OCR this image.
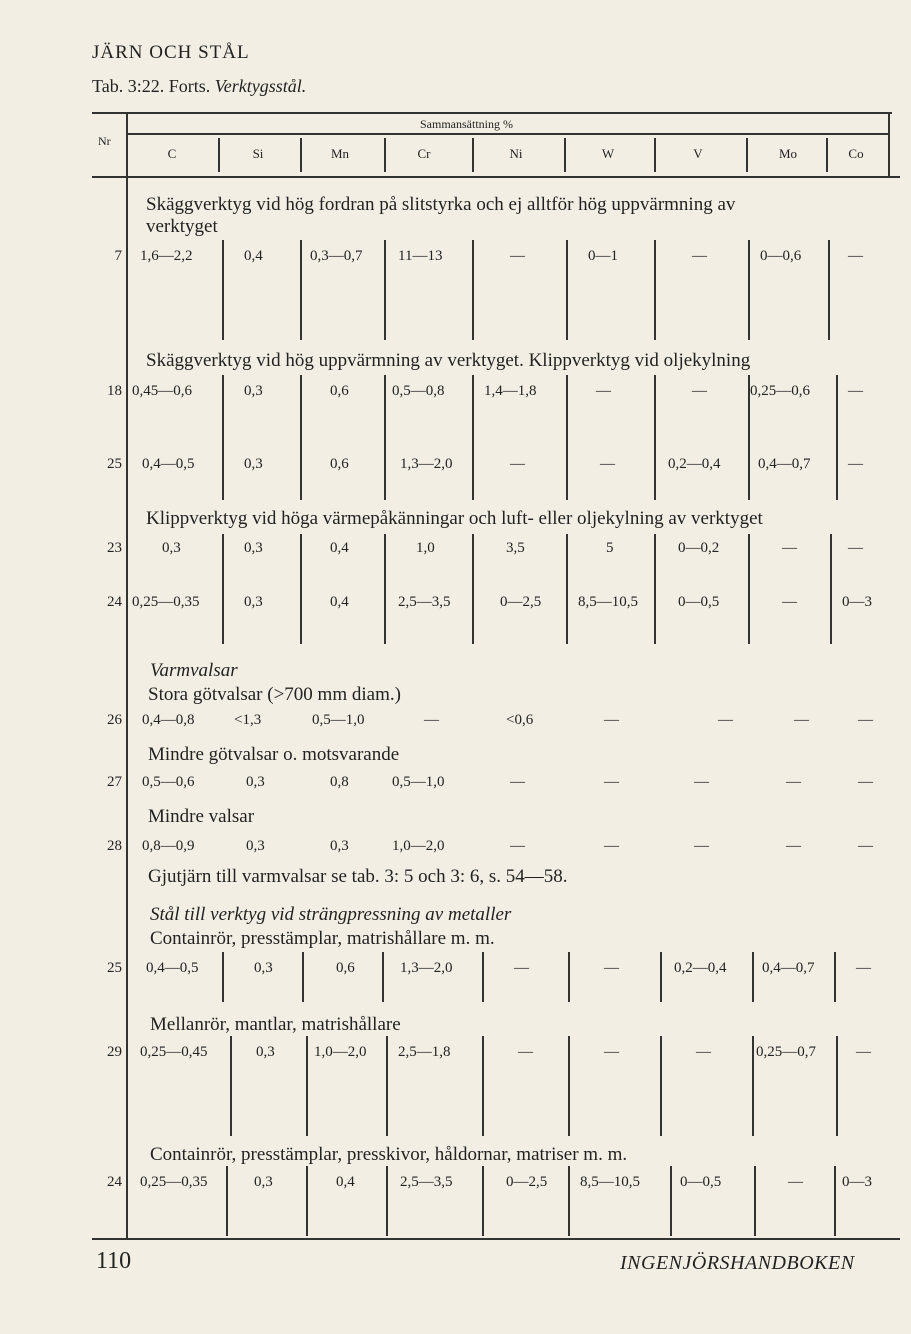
JÄRN OCH STÅL
Tab. 3:22. Forts. Verktygsstål.
Nr
Sammansättning %
C	Si	Mn	Cr	Ni	W	V	Mo	Co
Skäggverktyg vid hög fordran på slitstyrka och ej alltför hög uppvärmning av
verktyget
7 1,6—2,2	0,4	0,3—0,7 11—13	—	0—1	—	0—0,6	—
Skäggverktyg vid hög uppvärmning av verktyget. Klippverktyg vid oljekylning
18 0,45—0,6	0,3	0,6	0,5—0,8	1,4—1,8	—	—	0,25—0,6	—
25 0,4—0,5	0,3	0,6	1,3—2,0	—	—	0,2—0,4	0,4—0,7	—
Klippverktyg vid höga värmepåkänningar och luft- eller oljekylning av verktyget
23	0,3	0,3	0,4	1,0	3,5	5	0—0,2	—	—
24 0,25—0,35	0,3	0,4	2,5—3,5	0—2,5 8,5—10,5	0—0,5	—	0—3
Varmvalsar
Stora götvalsar (>700 mm diam.)
26 0,4—0,8	<1,3	0,5—1,0	—	<0,6	—	—	—	—
Mindre götvalsar o. motsvarande
27 0,5—0,6	0,3	0,8	0,5—1,0	—	—	—	—	—
Mindre valsar
28 0,8—0,9	0,3	0,3	1,0—2,0	—	—	—	—	—
Gjutjärn till varmvalsar se tab. 3: 5 och 3: 6, s. 54—58.
Stål till verktyg vid strängpressning av metaller
Containrör, presstämplar, matrishållare m. m.
25 0,4—0,5	0,3	0,6	1,3—2,0	—	—	0,2—0,4 0,4—0,7	—
Mellanrör, mantlar, matrishållare
29 0,25—0,45	0,3	1,0—2,0 2,5—1,8	—	—	—	0,25—0,7	—
Containrör, presstämplar, presskivor, håldornar, matriser m. m.
24 0,25—0,35	0,3	0,4	2,5—3,5	0—2,5 8,5—10,5	0—0,5	—	0—3
110	INGENJÖRSHANDBOKEN
